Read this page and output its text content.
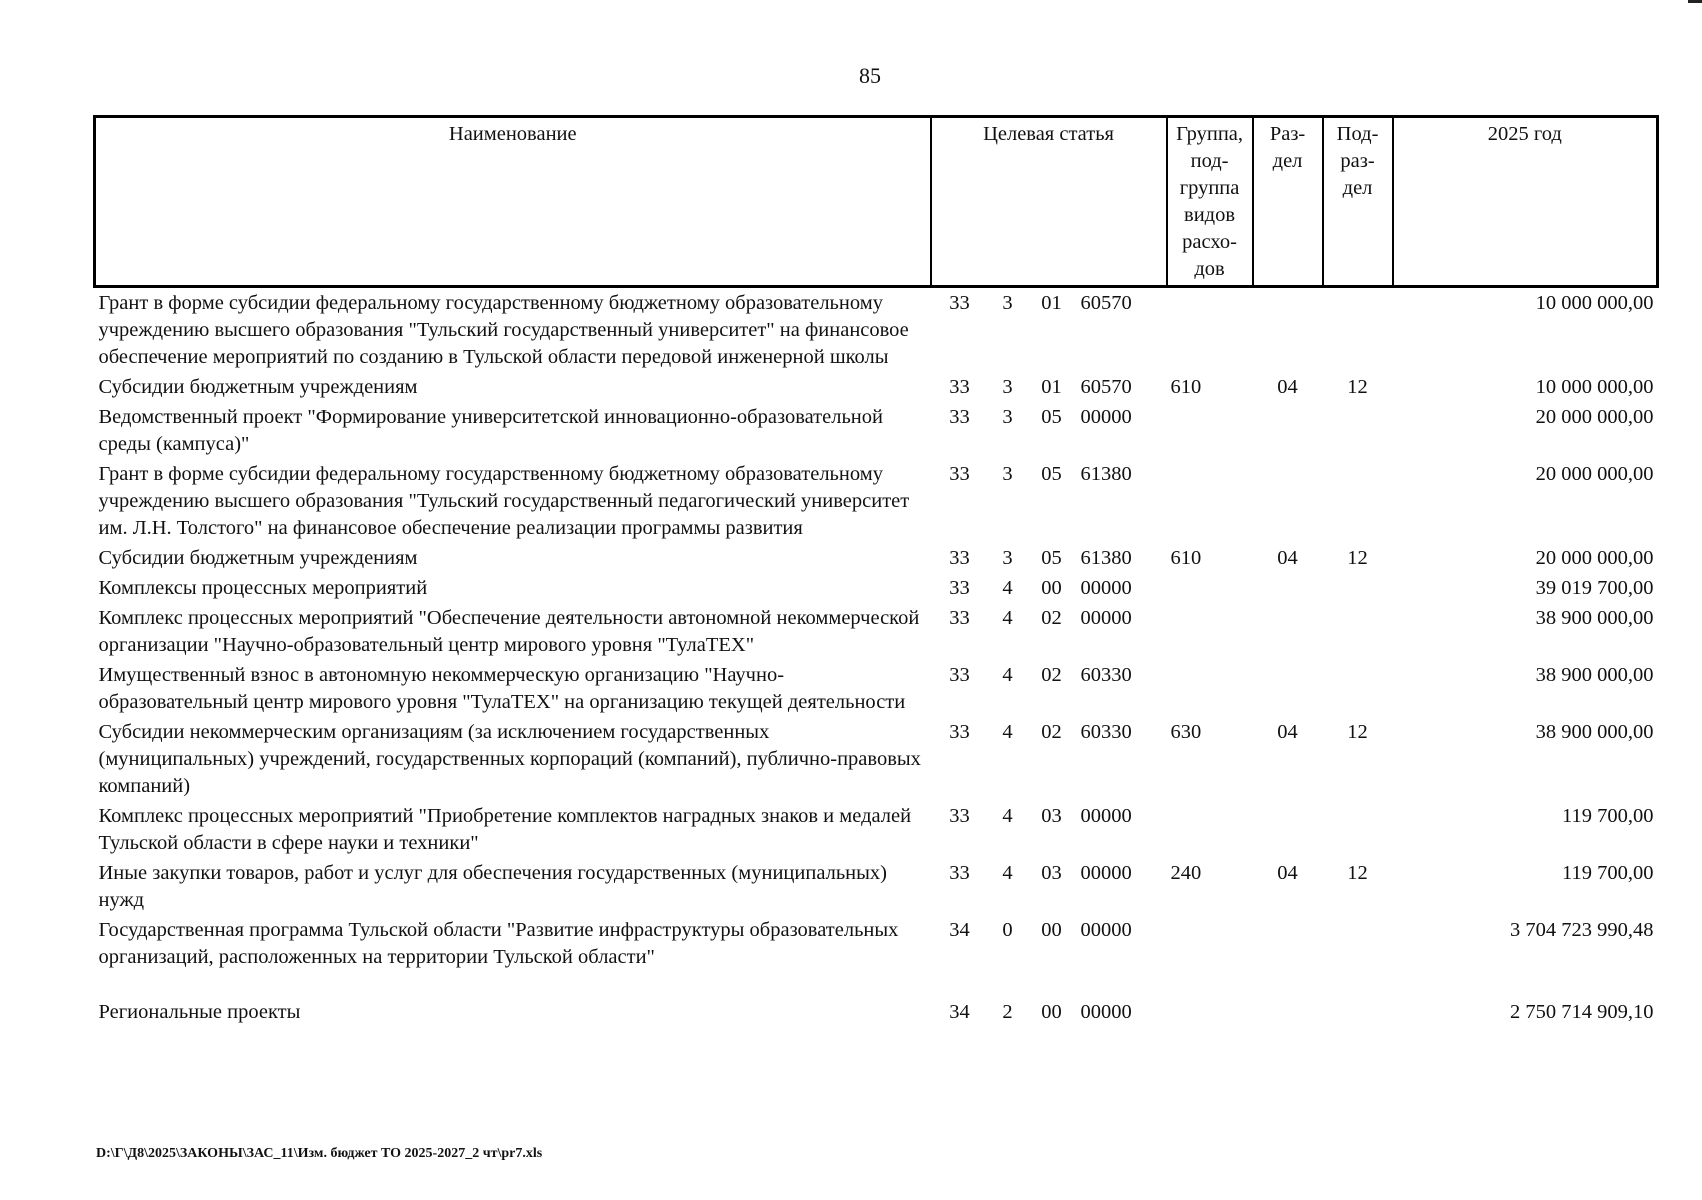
85
Наименование	Целевая статья				Группа, под-группа видов расхо-дов	Раз-дел	Под-раз-дел	2025 год
Грант в форме субсидии федеральному государственному бюджетному образовательному учреждению высшего образования "Тульский государственный университет" на финансовое обеспечение мероприятий по созданию в Тульской области передовой инженерной школы	33	3	01	60570				10 000 000,00
Субсидии бюджетным учреждениям	33	3	01	60570	610	04	12	10 000 000,00
Ведомственный проект "Формирование университетской инновационно-образовательной среды (кампуса)"	33	3	05	00000				20 000 000,00
Грант в форме субсидии федеральному государственному бюджетному образовательному учреждению высшего образования "Тульский государственный педагогический университет им. Л.Н. Толстого" на финансовое обеспечение реализации программы развития	33	3	05	61380				20 000 000,00
Субсидии бюджетным учреждениям	33	3	05	61380	610	04	12	20 000 000,00
Комплексы процессных мероприятий	33	4	00	00000				39 019 700,00
Комплекс процессных мероприятий "Обеспечение деятельности автономной некоммерческой организации "Научно-образовательный центр мирового уровня "ТулаТЕХ"	33	4	02	00000				38 900 000,00
Имущественный взнос в автономную некоммерческую организацию "Научно-образовательный центр мирового уровня "ТулаТЕХ" на организацию текущей деятельности	33	4	02	60330				38 900 000,00
Субсидии некоммерческим организациям (за исключением государственных (муниципальных) учреждений, государственных корпораций (компаний), публично-правовых компаний)	33	4	02	60330	630	04	12	38 900 000,00
Комплекс процессных мероприятий "Приобретение комплектов наградных знаков и медалей Тульской области в сфере науки и техники"	33	4	03	00000				119 700,00
Иные закупки товаров, работ и услуг для обеспечения государственных (муниципальных) нужд	33	4	03	00000	240	04	12	119 700,00
Государственная программа Тульской области "Развитие инфраструктуры образовательных организаций, расположенных на территории Тульской области"	34	0	00	00000				3 704 723 990,48
Региональные проекты	34	2	00	00000				2 750 714 909,10
D:\Г\Д8\2025\ЗАКОНЫ\ЗАС_11\Изм. бюджет ТО 2025-2027_2 чт\pr7.xls
